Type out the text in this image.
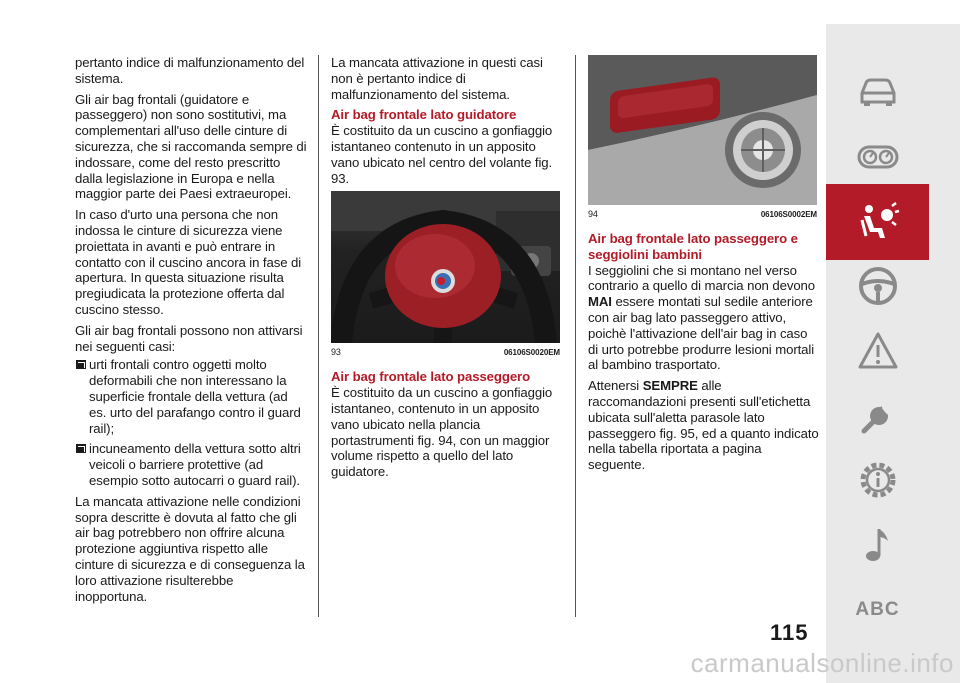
pertanto indice di malfunzionamento del sistema.

Gli air bag frontali (guidatore e passeggero) non sono sostitutivi, ma complementari all'uso delle cinture di sicurezza, che si raccomanda sempre di indossare, come del resto prescritto dalla legislazione in Europa e nella maggior parte dei Paesi extraeuropei.

In caso d'urto una persona che non indossa le cinture di sicurezza viene proiettata in avanti e può entrare in contatto con il cuscino ancora in fase di apertura. In questa situazione risulta pregiudicata la protezione offerta dal cuscino stesso.

Gli air bag frontali possono non attivarsi nei seguenti casi:

urti frontali contro oggetti molto deformabili che non interessano la superficie frontale della vettura (ad es. urto del parafango contro il guard rail);

incuneamento della vettura sotto altri veicoli o barriere protettive (ad esempio sotto autocarri o guard rail).

La mancata attivazione nelle condizioni sopra descritte è dovuta al fatto che gli air bag potrebbero non offrire alcuna protezione aggiuntiva rispetto alle cinture di sicurezza e di conseguenza la loro attivazione risulterebbe inopportuna.

La mancata attivazione in questi casi non è pertanto indice di malfunzionamento del sistema.

Air bag frontale lato guidatore

È costituito da un cuscino a gonfiaggio istantaneo contenuto in un apposito vano ubicato nel centro del volante fig. 93.

93	06106S0020EM
Air bag frontale lato passeggero

È costituito da un cuscino a gonfiaggio istantaneo, contenuto in un apposito vano ubicato nella plancia portastrumenti fig. 94, con un maggior volume rispetto a quello del lato guidatore.

94	06106S0002EM
Air bag frontale lato passeggero e seggiolini bambini

I seggiolini che si montano nel verso contrario a quello di marcia non devono MAI essere montati sul sedile anteriore con air bag lato passeggero attivo, poichè l'attivazione dell'air bag in caso di urto potrebbe produrre lesioni mortali al bambino trasportato.

Attenersi SEMPRE alle raccomandazioni presenti sull'etichetta ubicata sull'aletta parasole lato passeggero fig. 95, ed a quanto indicato nella tabella riportata a pagina seguente.

ABC
115
carmanualsonline.info
